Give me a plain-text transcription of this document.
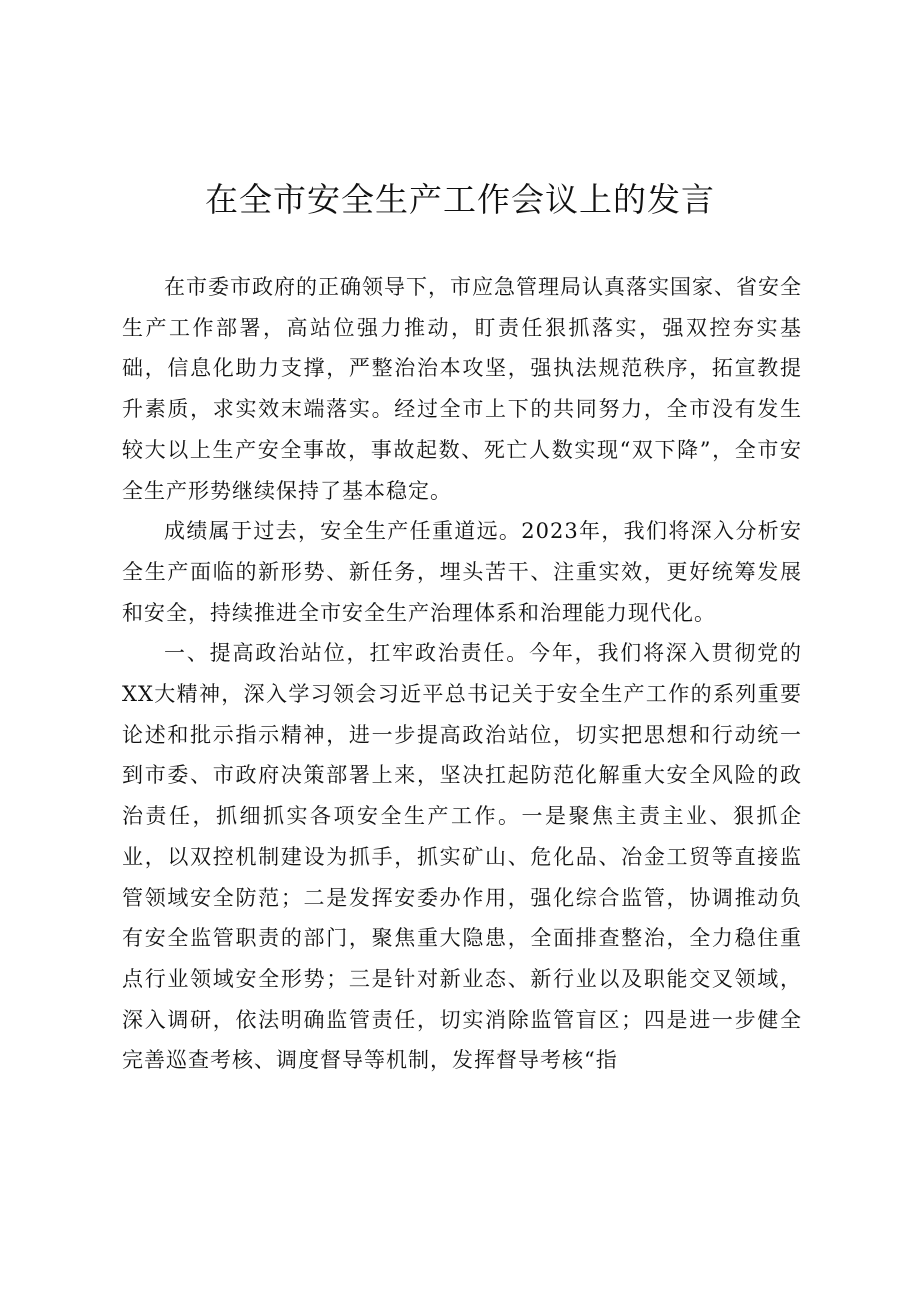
在全市安全生产工作会议上的发言

在市委市政府的正确领导下，市应急管理局认真落实国家、省安全生产工作部署，高站位强力推动，盯责任狠抓落实，强双控夯实基础，信息化助力支撑，严整治治本攻坚，强执法规范秩序，拓宣教提升素质，求实效末端落实。经过全市上下的共同努力，全市没有发生较大以上生产安全事故，事故起数、死亡人数实现“双下降”，全市安全生产形势继续保持了基本稳定。

成绩属于过去，安全生产任重道远。2023年，我们将深入分析安全生产面临的新形势、新任务，埋头苦干、注重实效，更好统筹发展和安全，持续推进全市安全生产治理体系和治理能力现代化。

一、提高政治站位，扛牢政治责任。今年，我们将深入贯彻党的XX大精神，深入学习领会习近平总书记关于安全生产工作的系列重要论述和批示指示精神，进一步提高政治站位，切实把思想和行动统一到市委、市政府决策部署上来，坚决扛起防范化解重大安全风险的政治责任，抓细抓实各项安全生产工作。一是聚焦主责主业、狠抓企业，以双控机制建设为抓手，抓实矿山、危化品、冶金工贸等直接监管领域安全防范；二是发挥安委办作用，强化综合监管，协调推动负有安全监管职责的部门，聚焦重大隐患，全面排查整治，全力稳住重点行业领域安全形势；三是针对新业态、新行业以及职能交叉领域，深入调研，依法明确监管责任，切实消除监管盲区；四是进一步健全完善巡查考核、调度督导等机制，发挥督导考核“指
